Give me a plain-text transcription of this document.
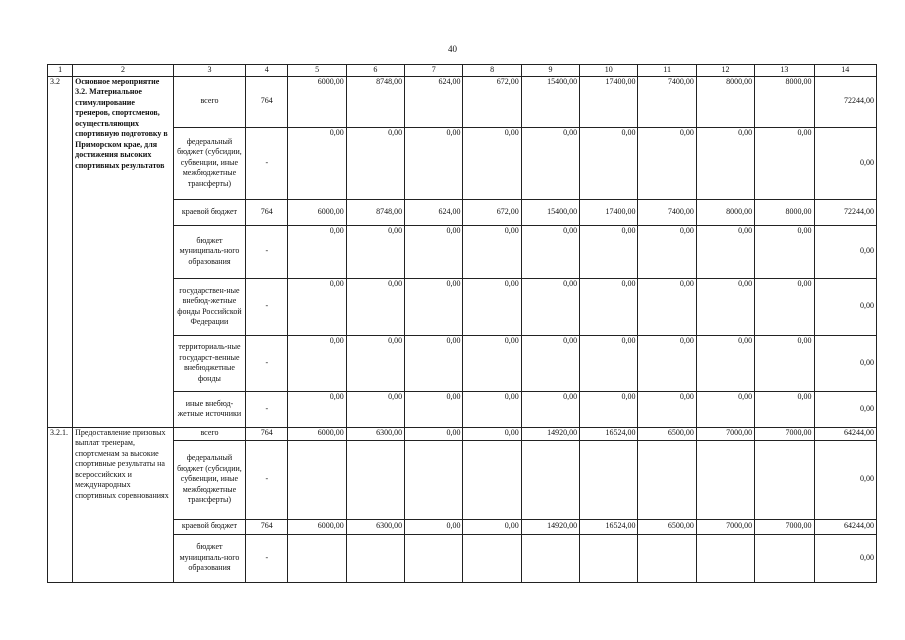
40
1	2	3	4	5	6	7	8	9	10	11	12	13	14
3.2	Основное мероприятие 3.2. Материальное стимулирование тренеров, спортсменов, осуществляющих спортивную подготовку в Приморском крае, для достижения высоких спортивных результатов	всего	764	6000,00	8748,00	624,00	672,00	15400,00	17400,00	7400,00	8000,00	8000,00	72244,00
		федеральный бюджет (субсидии, субвенции, иные межбюджетные трансферты)	-	0,00	0,00	0,00	0,00	0,00	0,00	0,00	0,00	0,00	0,00
		краевой бюджет	764	6000,00	8748,00	624,00	672,00	15400,00	17400,00	7400,00	8000,00	8000,00	72244,00
		бюджет муниципаль-ного образования	-	0,00	0,00	0,00	0,00	0,00	0,00	0,00	0,00	0,00	0,00
		государствен-ные внебюд-жетные фонды Российской Федерации	-	0,00	0,00	0,00	0,00	0,00	0,00	0,00	0,00	0,00	0,00
		территориаль-ные государст-венные внебюджетные фонды	-	0,00	0,00	0,00	0,00	0,00	0,00	0,00	0,00	0,00	0,00
		иные внебюд-жетные источники	-	0,00	0,00	0,00	0,00	0,00	0,00	0,00	0,00	0,00	0,00
3.2.1.	Предоставление призовых выплат тренерам, спортсменам за высокие спортивные результаты на всероссийских и международных спортивных соревнованиях	всего	764	6000,00	6300,00	0,00	0,00	14920,00	16524,00	6500,00	7000,00	7000,00	64244,00
		федеральный бюджет (субсидии, субвенции, иные межбюджетные трансферты)	-										0,00
		краевой бюджет	764	6000,00	6300,00	0,00	0,00	14920,00	16524,00	6500,00	7000,00	7000,00	64244,00
		бюджет муниципаль-ного образования	-										0,00
